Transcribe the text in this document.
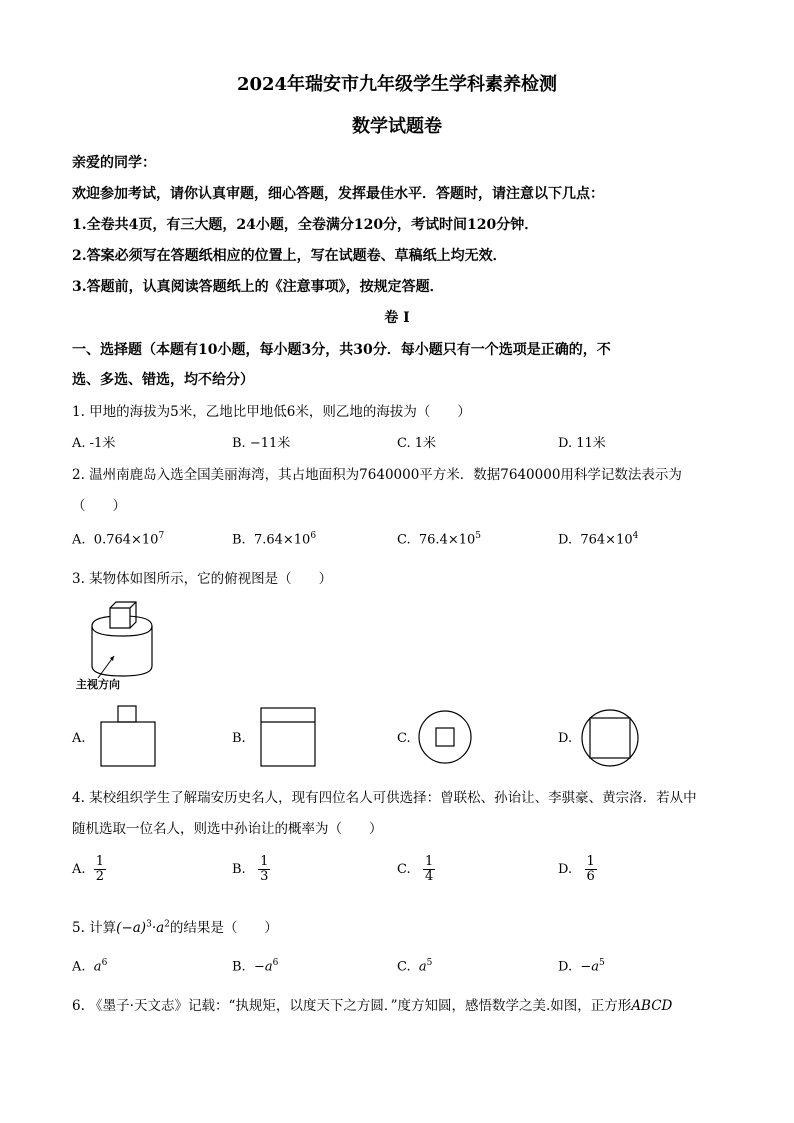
2024年瑞安市九年级学生学科素养检测
数学试题卷
亲爱的同学：
欢迎参加考试，请你认真审题，细心答题，发挥最佳水平．答题时，请注意以下几点：
1.全卷共4页，有三大题，24小题，全卷满分120分，考试时间120分钟．
2.答案必须写在答题纸相应的位置上，写在试题卷、草稿纸上均无效．
3.答题前，认真阅读答题纸上的《注意事项》，按规定答题．
卷 I
一、选择题（本题有10小题，每小题3分，共30分．每小题只有一个选项是正确的，不
选、多选、错选，均不给分）
1. 甲地的海拔为5米，乙地比甲地低6米，则乙地的海拔为（　　）
A. -1米	B. −11米	C. 1米	D. 11米
2. 温州南鹿岛入选全国美丽海湾，其占地面积为7640000平方米．数据7640000用科学记数法表示为
（　　）
A. $0.764\times 10^7$	B. $7.64\times 10^6$	C. $76.4\times 10^5$	D. $764\times 10^4$
3. 某物体如图所示，它的俯视图是（　　）
主视方向
A.	B.	C.	D.
4. 某校组织学生了解瑞安历史名人，现有四位名人可供选择：曾联松、孙诒让、李骐豪、黄宗洛．若从中
随机选取一位名人，则选中孙诒让的概率为（　　）
A. $\frac{1}{2}$	B. $\frac{1}{3}$	C. $\frac{1}{4}$	D. $\frac{1}{6}$
5. 计算$(-a)^3\cdot a^2$的结果是（　　）
A. $a^6$	B. $-a^6$	C. $a^5$	D. $-a^5$
6. 《墨子·天文志》记载：“执规矩，以度天下之方圆．”度方知圆，感悟数学之美.如图，正方形ABCD
